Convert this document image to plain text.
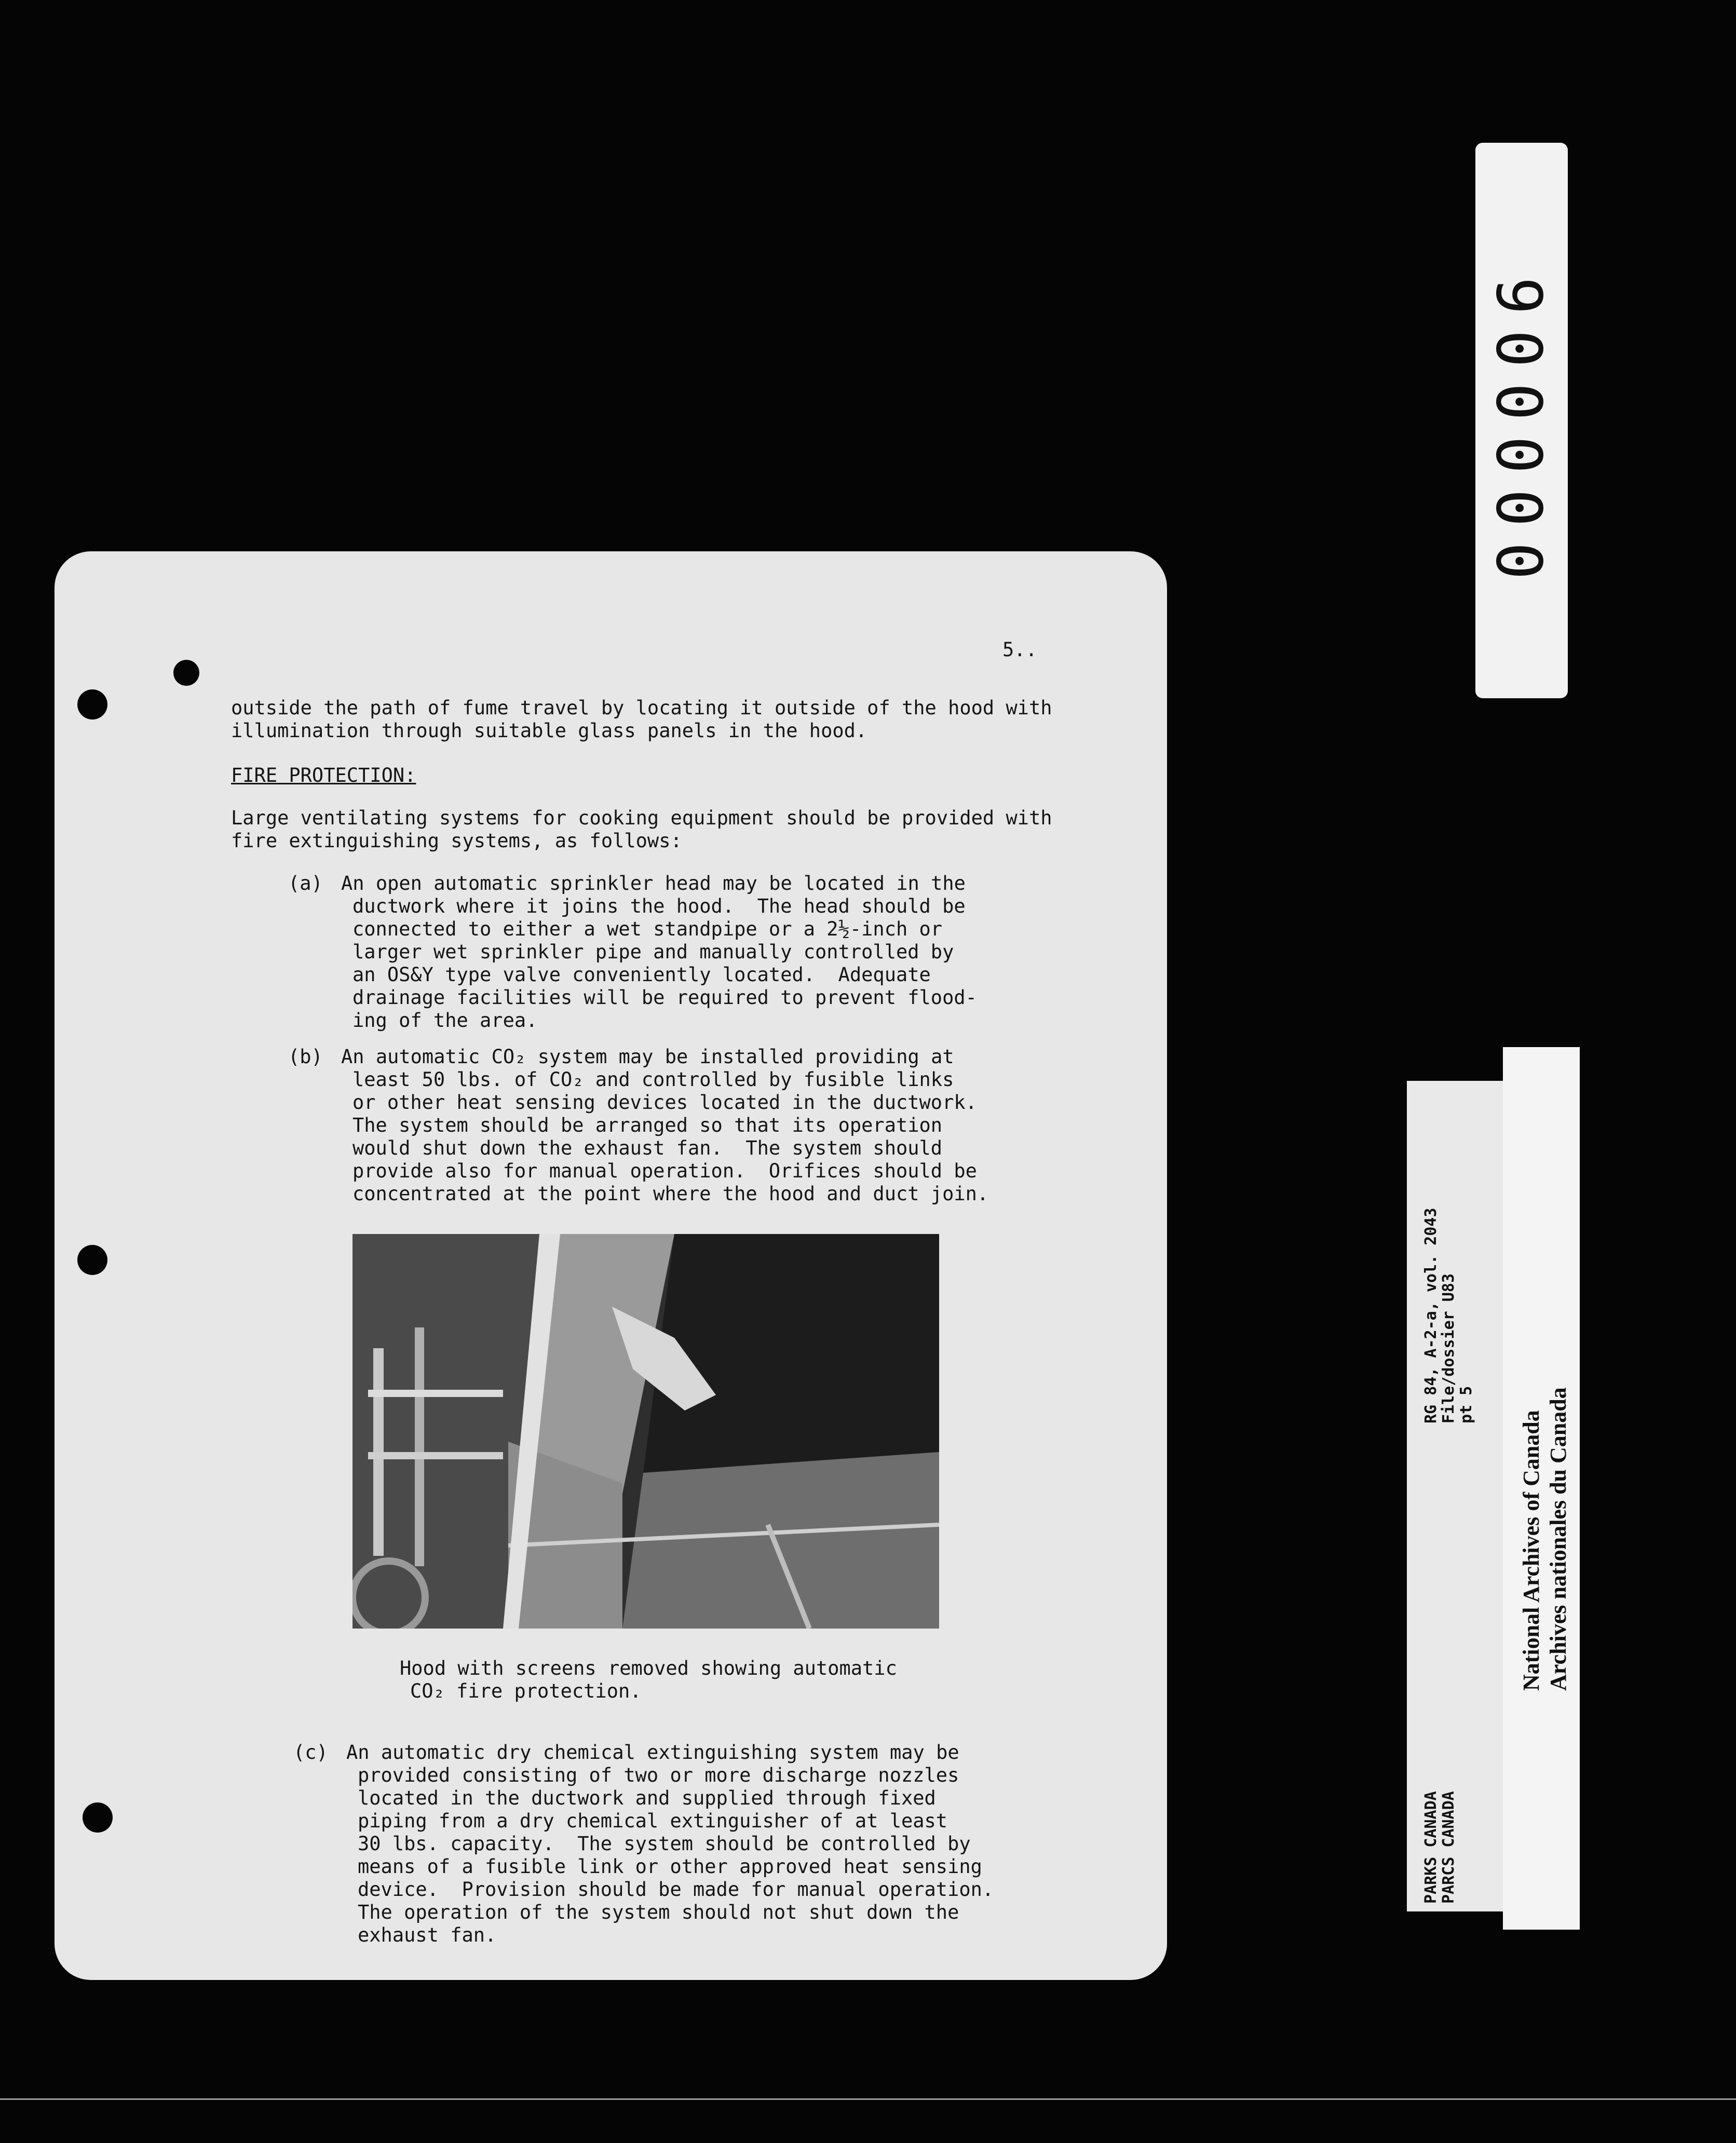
5..
outside the path of fume travel by locating it outside of the hood with
illumination through suitable glass panels in the hood.
FIRE PROTECTION:
Large ventilating systems for cooking equipment should be provided with
fire extinguishing systems, as follows:
(a) An open automatic sprinkler head may be located in the
ductwork where it joins the hood.  The head should be
connected to either a wet standpipe or a 2½-inch or
larger wet sprinkler pipe and manually controlled by
an OS&Y type valve conveniently located.  Adequate
drainage facilities will be required to prevent flood-
ing of the area.
(b) An automatic CO₂ system may be installed providing at
least 50 lbs. of CO₂ and controlled by fusible links
or other heat sensing devices located in the ductwork.
The system should be arranged so that its operation
would shut down the exhaust fan.  The system should
provide also for manual operation.  Orifices should be
concentrated at the point where the hood and duct join.
Hood with screens removed showing automatic
CO₂ fire protection.
(c) An automatic dry chemical extinguishing system may be
provided consisting of two or more discharge nozzles
located in the ductwork and supplied through fixed
piping from a dry chemical extinguisher of at least
30 lbs. capacity.  The system should be controlled by
means of a fusible link or other approved heat sensing
device.  Provision should be made for manual operation.
The operation of the system should not shut down the
exhaust fan.
000006
PARKS CANADA PARCS CANADA
RG 84, A-2-a, vol. 2043 File/dossier U83 pt 5
National Archives of Canada Archives nationales du Canada
